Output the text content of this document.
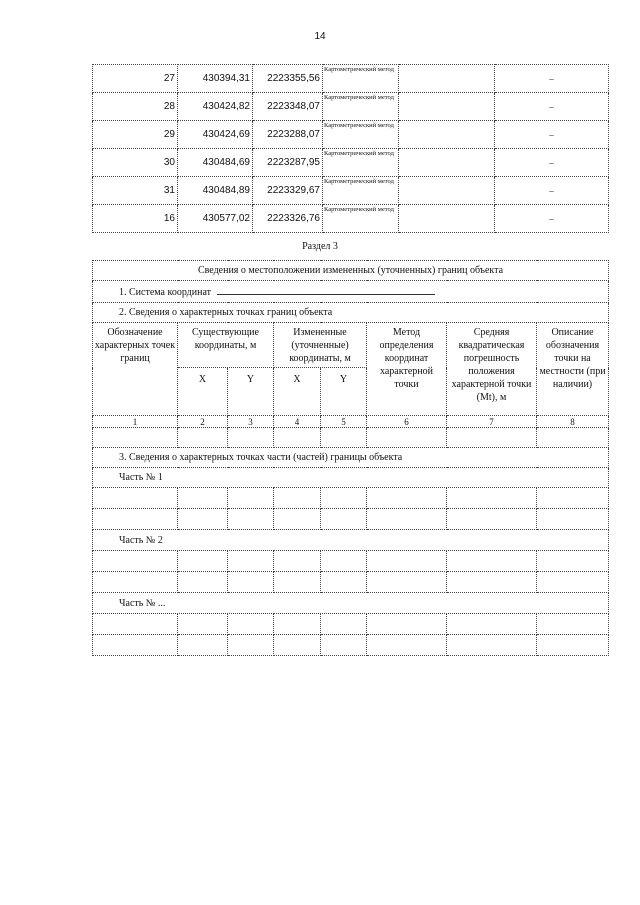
14
27	430394,31	2223355,56	Картометрический метод		–
28	430424,82	2223348,07	Картометрический метод		–
29	430424,69	2223288,07	Картометрический метод		–
30	430484,69	2223287,95	Картометрический метод		–
31	430484,89	2223329,67	Картометрический метод		–
16	430577,02	2223326,76	Картометрический метод		–
Раздел 3
Сведения о местоположении измененных (уточненных) границ объекта							
1. Система координат							
2. Сведения о характерных точках границ объекта							
Обозначение характерных точек границ	Существующие координаты, м		Измененные (уточненные) координаты, м		Метод определения координат характерной точки	Средняя квадратическая погрешность положения характерной точки (Mt), м	Описание обозначения точки на местности (при наличии)
	X	Y	X	Y			
1	2	3	4	5	6	7	8

3. Сведения о характерных точках части (частей) границы объекта							
Часть № 1							

Часть № 2							

Часть № ...							
